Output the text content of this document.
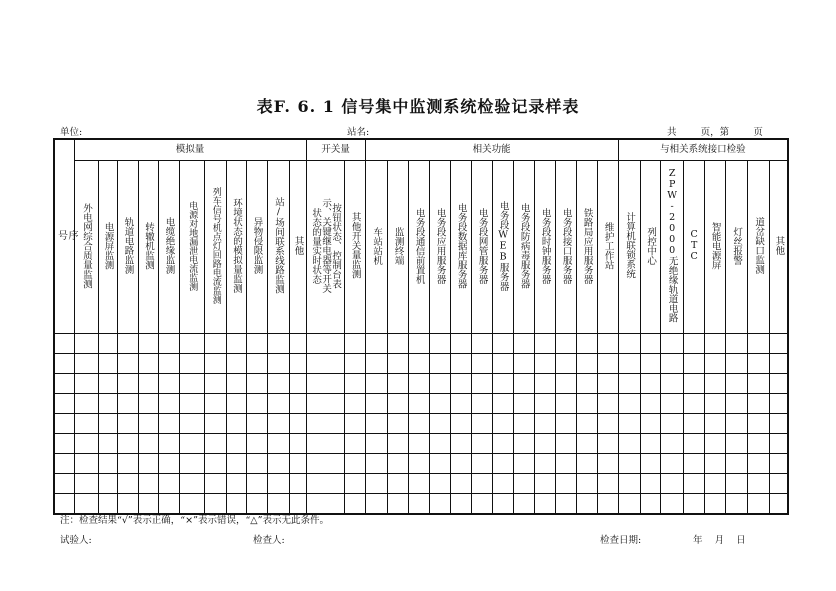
表F. 6. 1 信号集中监测系统检验记录样表
单位:	站名:	共        页，第        页
序
号	模拟量											开关量		相关功能												与相关系统接口检验							
	外电网综合质量监测	电源屏监测	轨道电路监测	转辙机监测	电缆绝缘监测	电源对地漏泄电流监测	列车信号机点灯回路电流监测	环境状态的模拟量监测	异物侵限监测	站/场间联系线路监测	其他	按钮状态、控制台表示、关键继电器等开关状态的量实时状态	其他开关量监测	车站站机	监测终端	电务段通信前置机	电务段应用服务器	电务段数据库服务器	电务段网管服务器	电务段WEB服务器	电务段防病毒服务器	电务段时钟服务器	电务段接口服务器	铁路局应用服务器	维护工作站	计算机联锁系统	列控中心	ZPW-2000无绝缘轨道电路	CTC	智能电源屏	灯丝报警	道岔缺口监测	其他

注：检查结果“√”表示正确，“×”表示错误，“△”表示无此条件。
试验人:	检查人:	检查日期:	年    月    日
